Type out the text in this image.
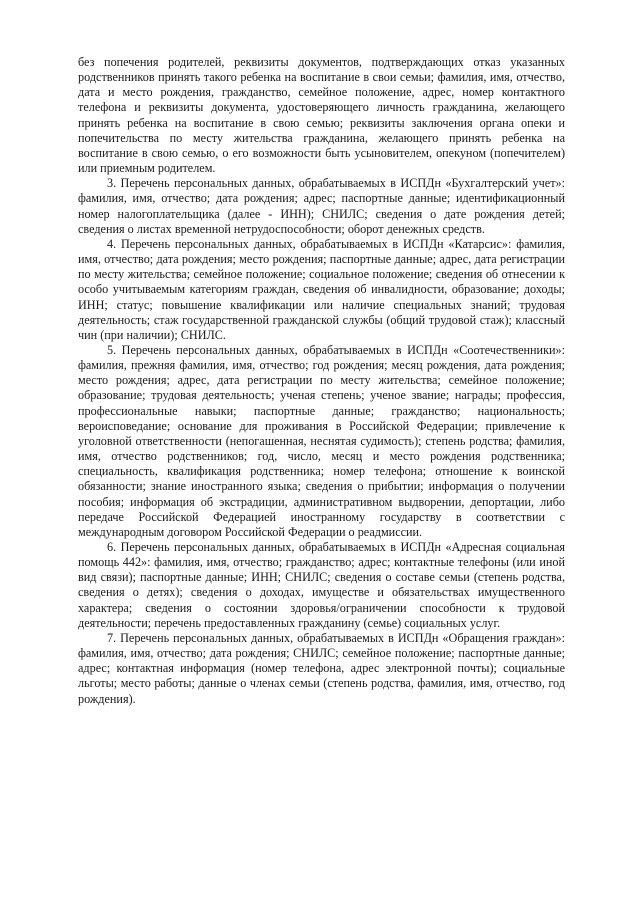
без попечения родителей, реквизиты документов, подтверждающих отказ указанных родственников принять такого ребенка на воспитание в свои семьи; фамилия, имя, отчество, дата и место рождения, гражданство, семейное положение, адрес, номер контактного телефона и реквизиты документа, удостоверяющего личность гражданина, желающего принять ребенка на воспитание в свою семью; реквизиты заключения органа опеки и попечительства по месту жительства гражданина, желающего принять ребенка на воспитание в свою семью, о его возможности быть усыновителем, опекуном (попечителем) или приемным родителем.

3. Перечень персональных данных, обрабатываемых в ИСПДн «Бухгалтерский учет»: фамилия, имя, отчество; дата рождения; адрес; паспортные данные; идентификационный номер налогоплательщика (далее - ИНН); СНИЛС; сведения о дате рождения детей; сведения о листах временной нетрудоспособности; оборот денежных средств.

4. Перечень персональных данных, обрабатываемых в ИСПДн «Катарсис»: фамилия, имя, отчество; дата рождения; место рождения; паспортные данные; адрес, дата регистрации по месту жительства; семейное положение; социальное положение; сведения об отнесении к особо учитываемым категориям граждан, сведения об инвалидности, образование; доходы; ИНН; статус; повышение квалификации или наличие специальных знаний; трудовая деятельность; стаж государственной гражданской службы (общий трудовой стаж); классный чин (при наличии); СНИЛС.

5. Перечень персональных данных, обрабатываемых в ИСПДн «Соотечественники»: фамилия, прежняя фамилия, имя, отчество; год рождения; месяц рождения, дата рождения; место рождения; адрес, дата регистрации по месту жительства; семейное положение; образование; трудовая деятельность; ученая степень; ученое звание; награды; профессия, профессиональные навыки; паспортные данные; гражданство; национальность; вероисповедание; основание для проживания в Российской Федерации; привлечение к уголовной ответственности (непогашенная, неснятая судимость); степень родства; фамилия, имя, отчество родственников; год, число, месяц и место рождения родственника; специальность, квалификация родственника; номер телефона; отношение к воинской обязанности; знание иностранного языка; сведения о прибытии; информация о получении пособия; информация об экстрадиции, административном выдворении, депортации, либо передаче Российской Федерацией иностранному государству в соответствии с международным договором Российской Федерации о реадмиссии.

6. Перечень персональных данных, обрабатываемых в ИСПДн «Адресная социальная помощь 442»: фамилия, имя, отчество; гражданство; адрес; контактные телефоны (или иной вид связи); паспортные данные; ИНН; СНИЛС; сведения о составе семьи (степень родства, сведения о детях); сведения о доходах, имуществе и обязательствах имущественного характера; сведения о состоянии здоровья/ограничении способности к трудовой деятельности; перечень предоставленных гражданину (семье) социальных услуг.

7. Перечень персональных данных, обрабатываемых в ИСПДн «Обращения граждан»: фамилия, имя, отчество; дата рождения; СНИЛС; семейное положение; паспортные данные; адрес; контактная информация (номер телефона, адрес электронной почты); социальные льготы; место работы; данные о членах семьи (степень родства, фамилия, имя, отчество, год рождения).
